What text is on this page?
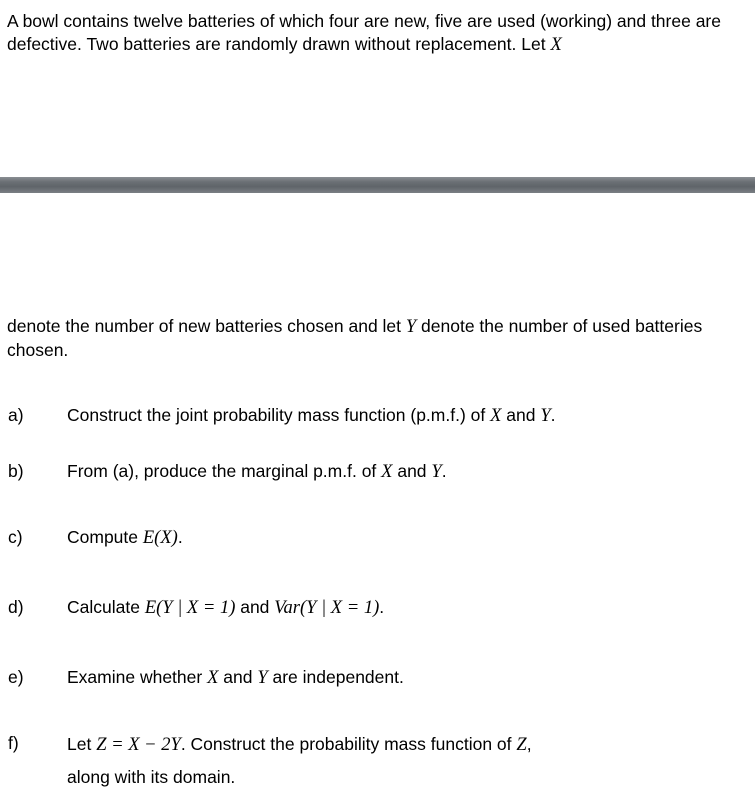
A bowl contains twelve batteries of which four are new, five are used (working) and three are defective. Two batteries are randomly drawn without replacement. Let X

denote the number of new batteries chosen and let Y denote the number of used batteries chosen.

a) Construct the joint probability mass function (p.m.f.) of X and Y.
b) From (a), produce the marginal p.m.f. of X and Y.
c)	Compute E(X).
d) Calculate E(Y | X = 1) and Var(Y | X = 1).
e) Examine whether X and Y are independent.
f)	Let Z = X − 2Y. Construct the probability mass function of Z, along with its domain.
